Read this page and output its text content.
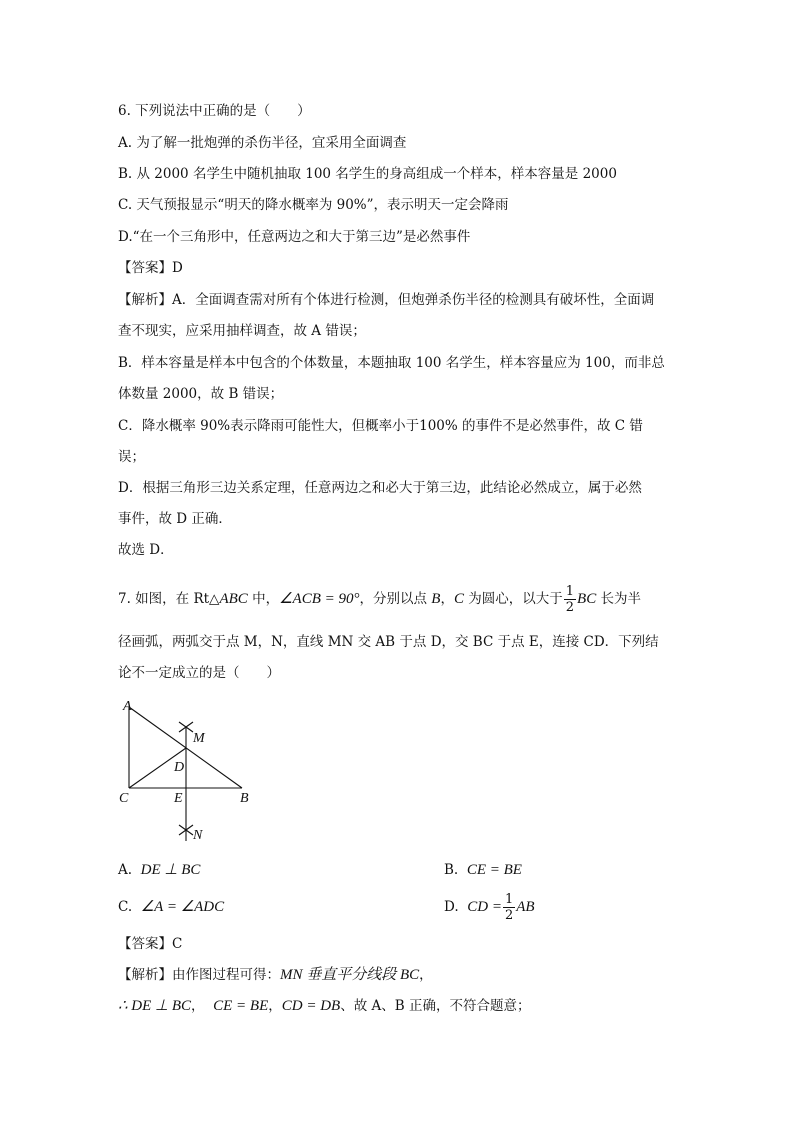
6. 下列说法中正确的是（　　）
A. 为了解一批炮弹的杀伤半径，宜采用全面调查
B. 从 2000 名学生中随机抽取 100 名学生的身高组成一个样本，样本容量是 2000
C. 天气预报显示“明天的降水概率为 90%”，表示明天一定会降雨
D.“在一个三角形中，任意两边之和大于第三边”是必然事件
【答案】D
【解析】A．全面调查需对所有个体进行检测，但炮弹杀伤半径的检测具有破坏性，全面调
查不现实，应采用抽样调查，故 A 错误；
B．样本容量是样本中包含的个体数量，本题抽取 100 名学生，样本容量应为 100，而非总
体数量 2000，故 B 错误；
C．降水概率 90%表示降雨可能性大，但概率小于100% 的事件不是必然事件，故 C 错
误；
D．根据三角形三边关系定理，任意两边之和必大于第三边，此结论必然成立，属于必然
事件，故 D 正确．
故选 D．
7. 如图，在 Rt△ABC 中，∠ACB = 90°，分别以点 B，C 为圆心，以大于 $\frac{1}{2}$ BC 长为半
径画弧，两弧交于点 M，N，直线 MN 交 AB 于点 D，交 BC 于点 E，连接 CD．下列结
论不一定成立的是（　　）
A
M
D
C	E	B
N
A. DE ⊥ BC	B. CE = BE
C. ∠A = ∠ADC	D. CD = $\frac{1}{2}$ AB
【答案】C
【解析】由作图过程可得：MN 垂直平分线段 BC，
∴ DE ⊥ BC， CE = BE，CD = DB、故 A、B 正确，不符合题意；
